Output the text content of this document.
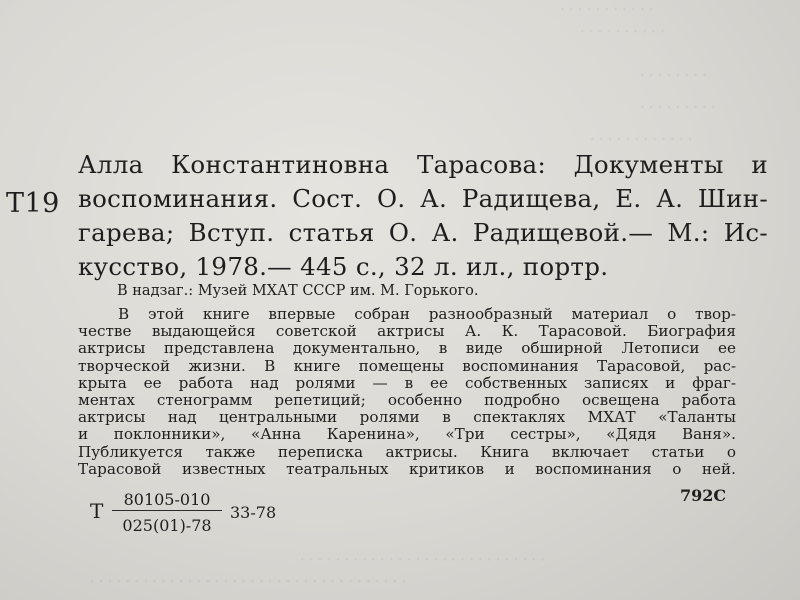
· · · · · · · · · · ·
· · · · · · · · · ·
· · · · · · · ·
· · · · · · · · ·
· · · · · · · · · · · ·
· · · · · · · · · · · · · · · · · · · · · · · · · · · ·
· · · · · · · · · · · · · · · · · · · · · · · · · · · · · · · · · · · ·
Т19
Алла Константиновна Тарасова: Документы и
воспоминания. Сост. О. А. Радищева, Е. А. Шин-
гарева; Вступ. статья О. А. Радищевой.— М.: Ис-
кусство, 1978.— 445 с., 32 л. ил., портр.
В надзаг.: Музей МХАТ СССР им. М. Горького.
В этой книге впервые собран разнообразный материал о твор-
честве выдающейся советской актрисы А. К. Тарасовой. Биография
актрисы представлена документально, в виде обширной Летописи ее
творческой жизни. В книге помещены воспоминания Тарасовой, рас-
крыта ее работа над ролями — в ее собственных записях и фраг-
ментах стенограмм репетиций; особенно подробно освещена работа
актрисы над центральными ролями в спектаклях МХАТ «Таланты
и поклонники», «Анна Каренина», «Три сестры», «Дядя Ваня».
Публикуется также переписка актрисы. Книга включает статьи о
Тарасовой известных театральных критиков и воспоминания о ней.
Т	80105-010
025(01)-78
33-78
792С
